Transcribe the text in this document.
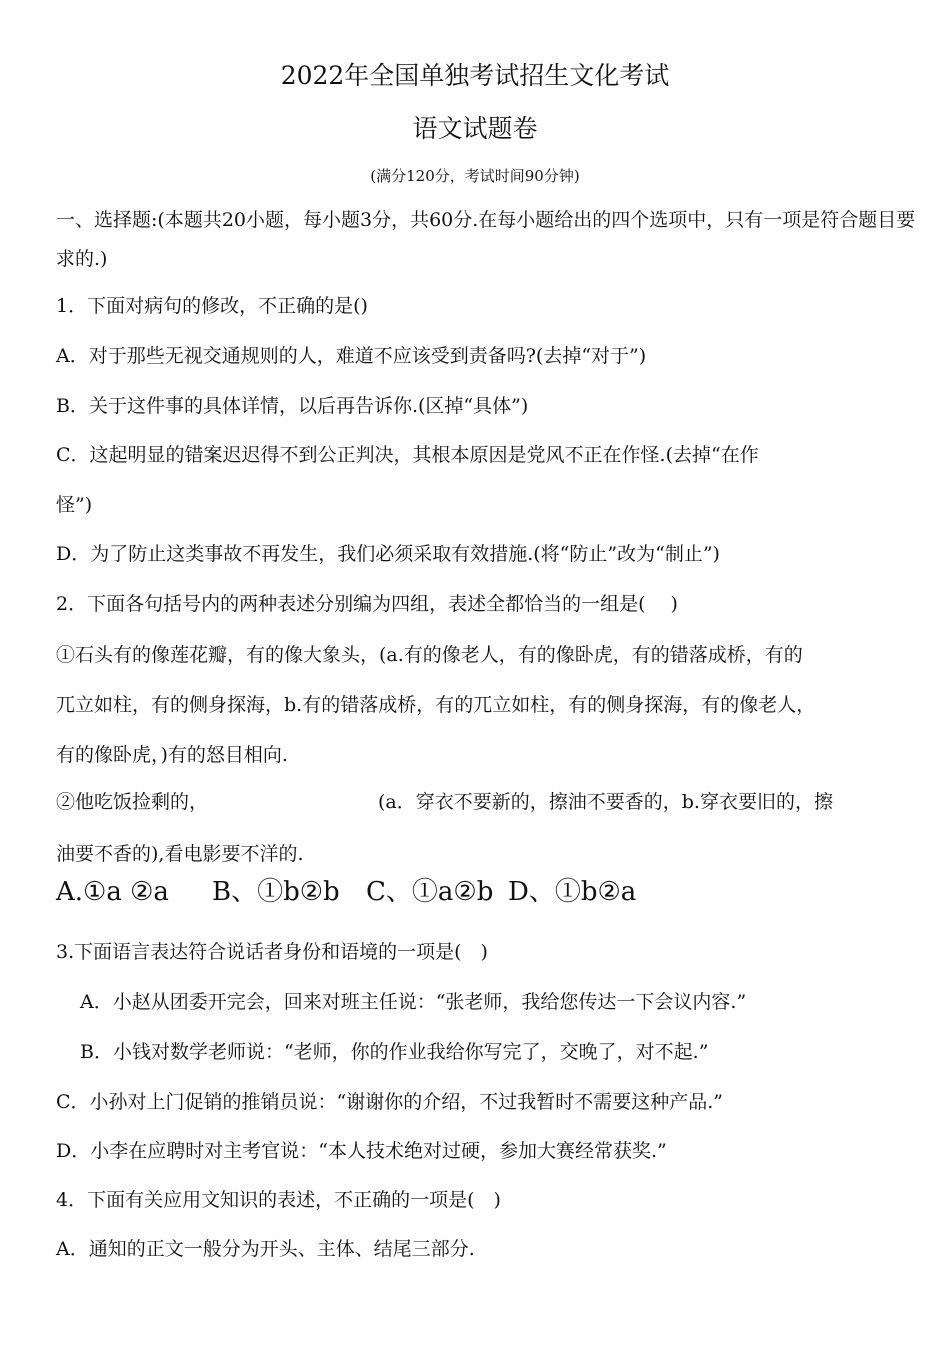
2022年全国单独考试招生文化考试
语文试题卷
(满分120分，考试时间90分钟)
一、选择题:(本题共20小题，每小题3分，共60分.在每小题给出的四个选项中，只有一项是符合题目要
求的.)
1．下面对病句的修改，不正确的是()
A．对于那些无视交通规则的人，难道不应该受到责备吗?(去掉“对于”)
B．关于这件事的具体详情，以后再告诉你.(区掉“具体”)
C．这起明显的错案迟迟得不到公正判决，其根本原因是党风不正在作怪.(去掉“在作
怪”)
D．为了防止这类事故不再发生，我们必须采取有效措施.(将“防止”改为“制止”)
2．下面各句括号内的两种表述分别编为四组，表述全都恰当的一组是(　 )
①石头有的像莲花瓣，有的像大象头，(a.有的像老人，有的像卧虎，有的错落成桥，有的
兀立如柱，有的侧身探海，b.有的错落成桥，有的兀立如柱，有的侧身探海，有的像老人，
有的像卧虎，)有的怒目相向.
②他吃饭捡剩的，	(a．穿衣不要新的，擦油不要香的，b.穿衣要旧的，擦
油要不香的),看电影要不洋的.
A.①a ②a B、①b②b C、①a②b D、①b②a
3.下面语言表达符合说话者身份和语境的一项是(　)
A．小赵从团委开完会，回来对班主任说：“张老师，我给您传达一下会议内容.”
B．小钱对数学老师说：“老师，你的作业我给你写完了，交晚了，对不起.”
C．小孙对上门促销的推销员说：“谢谢你的介绍，不过我暂时不需要这种产品.”
D．小李在应聘时对主考官说：“本人技术绝对过硬，参加大赛经常获奖.”
4．下面有关应用文知识的表述，不正确的一项是(　)
A．通知的正文一般分为开头、主体、结尾三部分.
